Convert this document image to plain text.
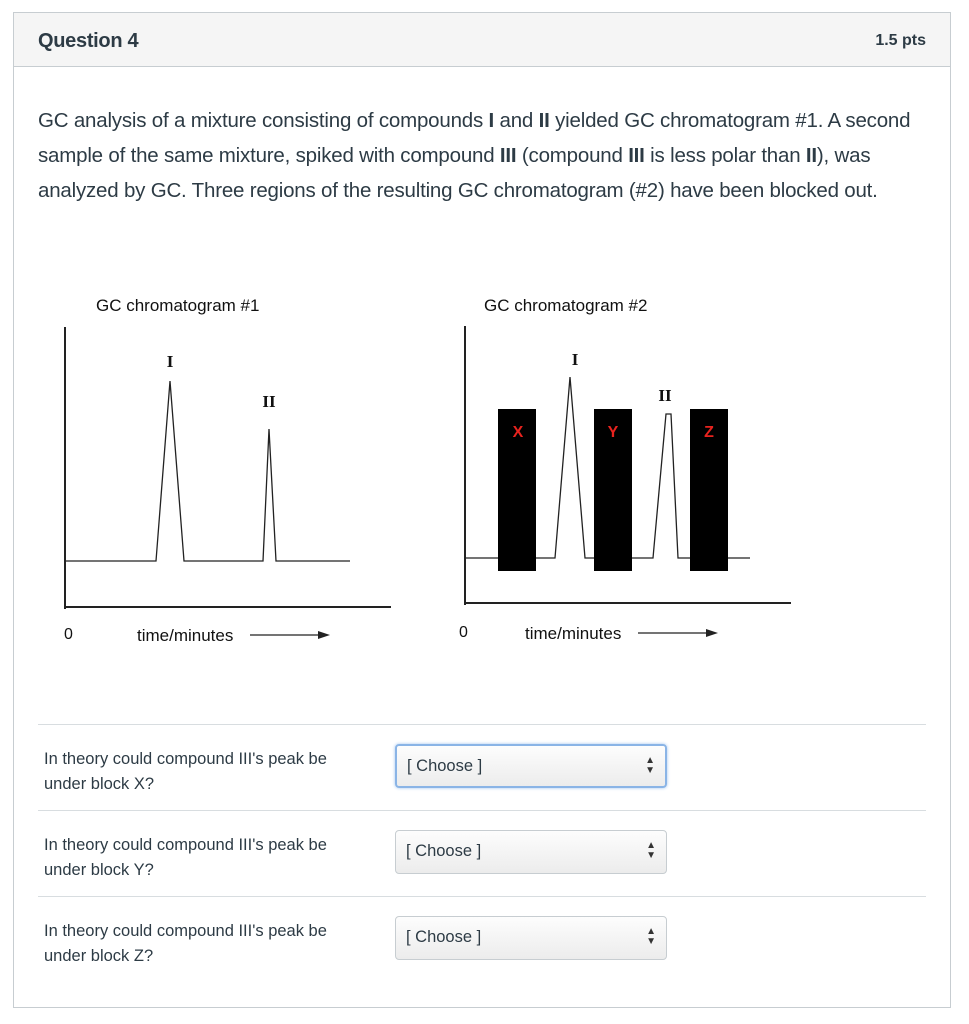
Question 4	1.5 pts
GC analysis of a mixture consisting of compounds I and II yielded GC chromatogram #1. A second sample of the same mixture, spiked with compound III (compound III is less polar than II), was analyzed by GC. Three regions of the resulting GC chromatogram (#2) have been blocked out.
GC chromatogram #1
I
II
0	time/minutes
GC chromatogram #2
X	Y	Z
I
II
0	time/minutes
In theory could compound III's peak be under block X?
[ Choose ]	▲
▼
In theory could compound III's peak be under block Y?
[ Choose ]	▲
▼
In theory could compound III's peak be under block Z?
[ Choose ]	▲
▼
